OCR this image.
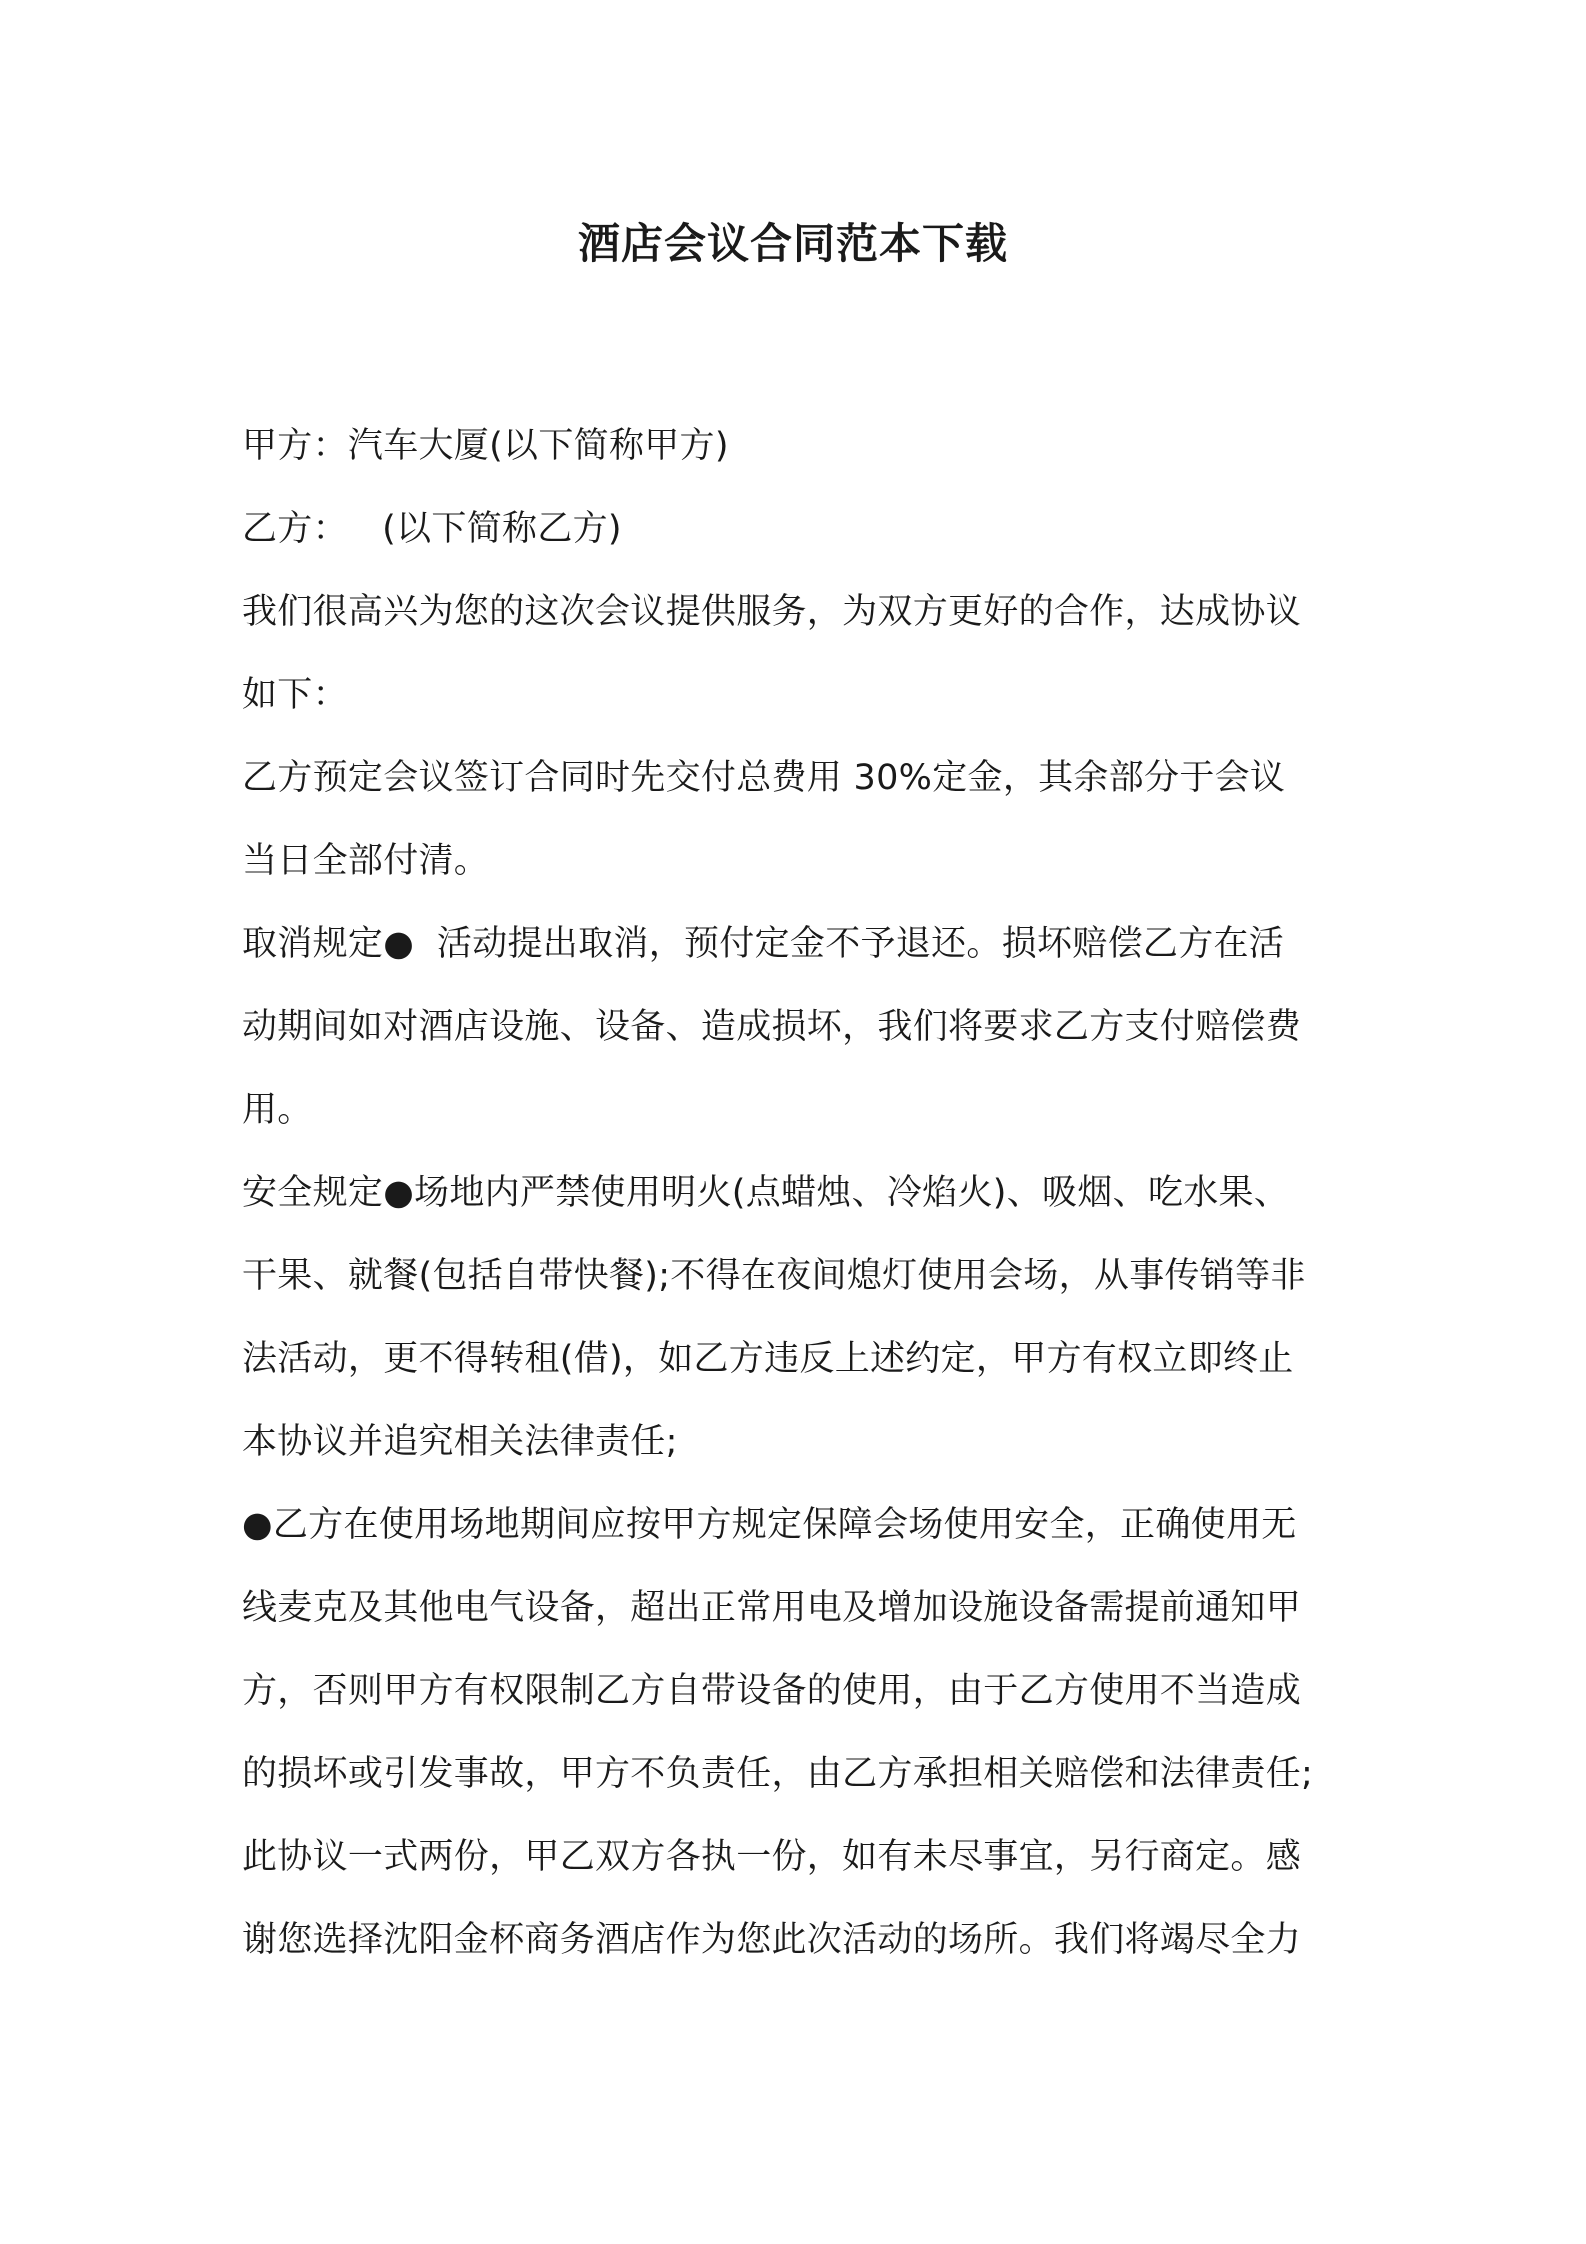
酒店会议合同范本下载
甲方：汽车大厦(以下简称甲方)
乙方：   (以下简称乙方)
我们很高兴为您的这次会议提供服务，为双方更好的合作，达成协议
如下：
乙方预定会议签订合同时先交付总费用 30%定金，其余部分于会议
当日全部付清。
取消规定●  活动提出取消，预付定金不予退还。损坏赔偿乙方在活
动期间如对酒店设施、设备、造成损坏，我们将要求乙方支付赔偿费
用。
安全规定●场地内严禁使用明火(点蜡烛、冷焰火)、吸烟、吃水果、
干果、就餐(包括自带快餐);不得在夜间熄灯使用会场，从事传销等非
法活动，更不得转租(借)，如乙方违反上述约定，甲方有权立即终止
本协议并追究相关法律责任;
●乙方在使用场地期间应按甲方规定保障会场使用安全，正确使用无
线麦克及其他电气设备，超出正常用电及增加设施设备需提前通知甲
方，否则甲方有权限制乙方自带设备的使用，由于乙方使用不当造成
的损坏或引发事故，甲方不负责任，由乙方承担相关赔偿和法律责任;
此协议一式两份，甲乙双方各执一份，如有未尽事宜，另行商定。感
谢您选择沈阳金杯商务酒店作为您此次活动的场所。我们将竭尽全力
